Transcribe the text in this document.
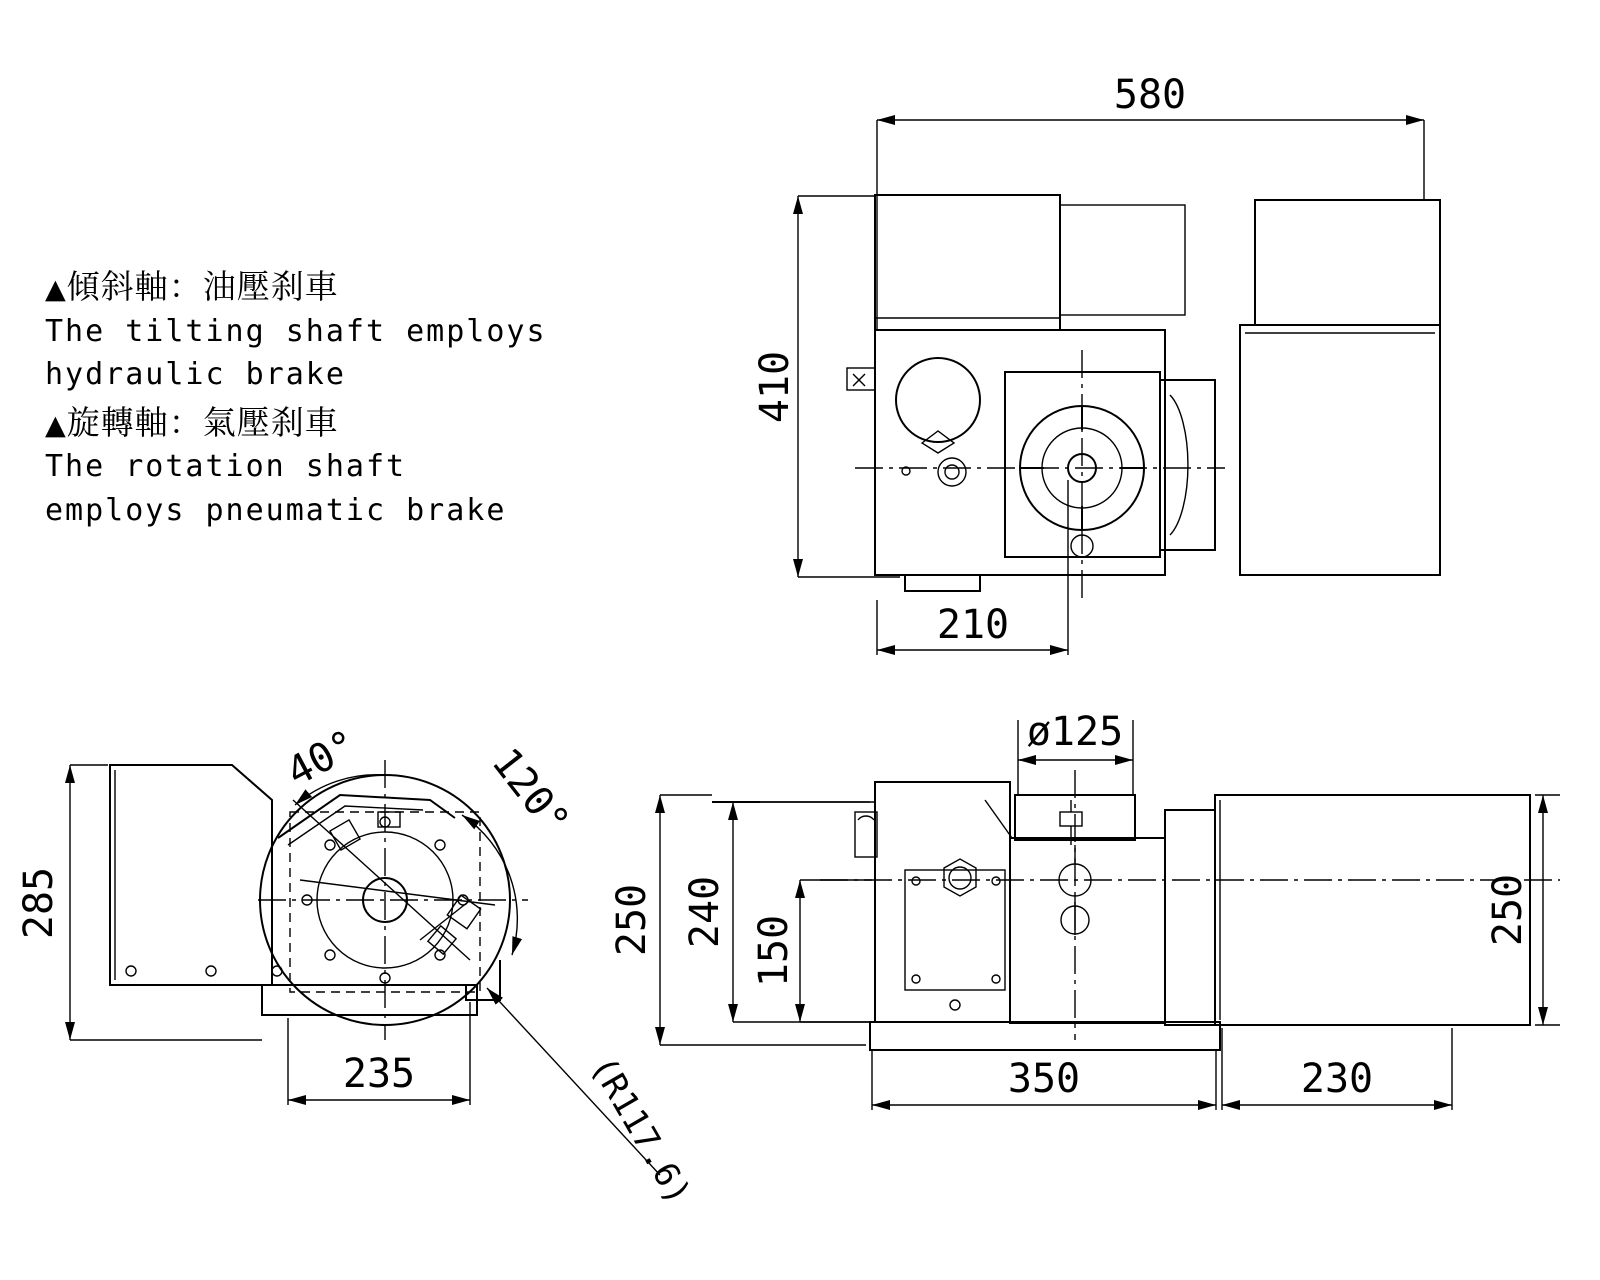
▲傾斜軸：油壓刹車
The tilting shaft employs
hydraulic brake
▲旋轉軸：氣壓刹車
The rotation shaft
employs pneumatic brake
580
410
210
285
235
40°	120°
(R117.6)
ø125
250 240
150
250
350	230
